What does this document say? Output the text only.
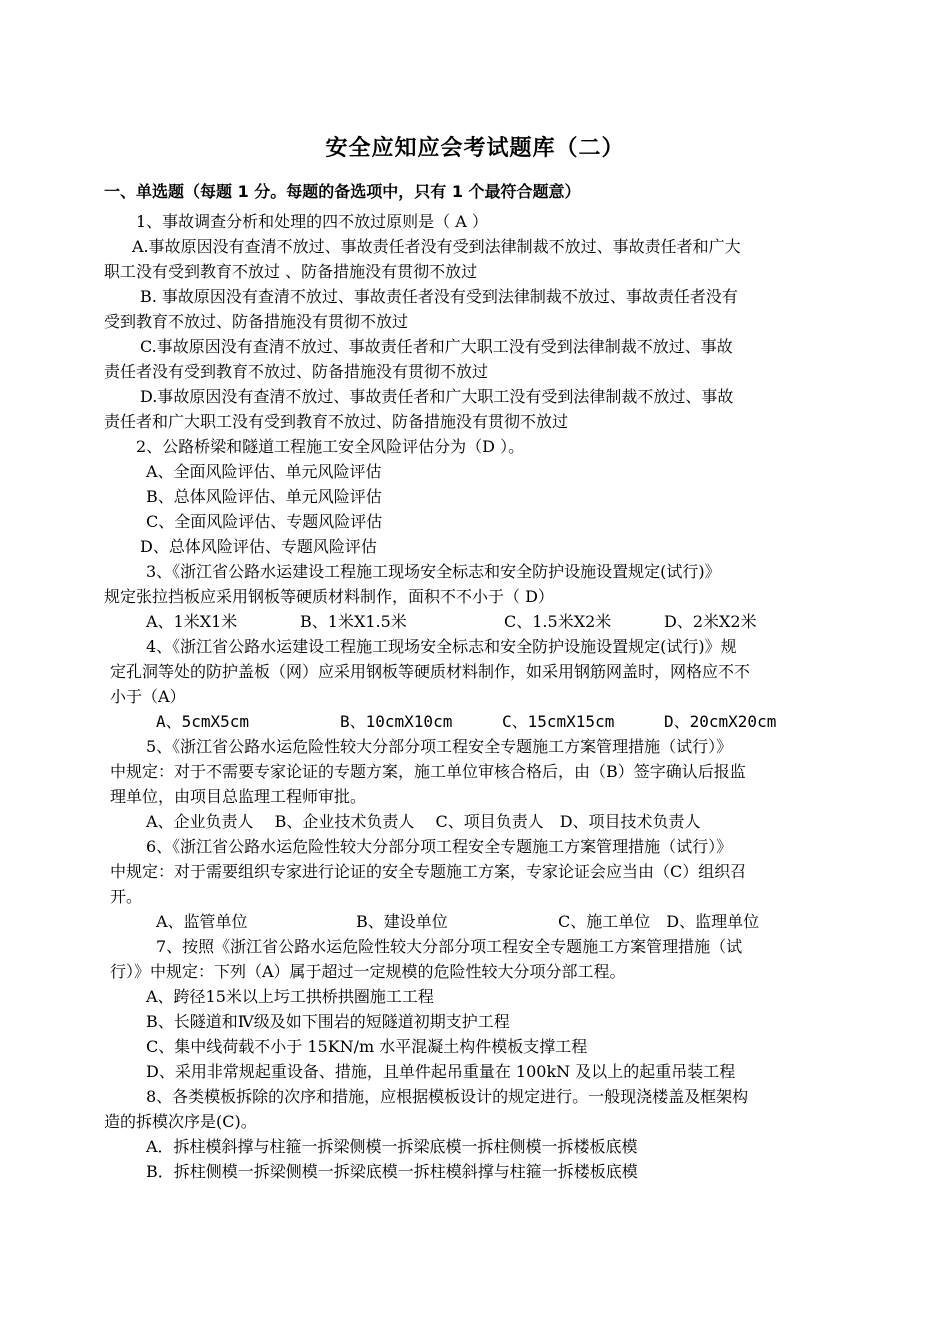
安全应知应会考试题库（二）
一、单选题（每题 1 分。每题的备选项中，只有 1 个最符合题意）
1、事故调查分析和处理的四不放过原则是（ A ）
A.事故原因没有查清不放过、事故责任者没有受到法律制裁不放过、事故责任者和广大
职工没有受到教育不放过 、防备措施没有贯彻不放过
B. 事故原因没有查清不放过、事故责任者没有受到法律制裁不放过、事故责任者没有
受到教育不放过、防备措施没有贯彻不放过
C.事故原因没有查清不放过、事故责任者和广大职工没有受到法律制裁不放过、事故
责任者没有受到教育不放过、防备措施没有贯彻不放过
D.事故原因没有查清不放过、事故责任者和广大职工没有受到法律制裁不放过、事故
责任者和广大职工没有受到教育不放过、防备措施没有贯彻不放过
2、公路桥梁和隧道工程施工安全风险评估分为（D ）。
A、全面风险评估、单元风险评估
B、总体风险评估、单元风险评估
C、全面风险评估、专题风险评估
D、总体风险评估、专题风险评估
3、《浙江省公路水运建设工程施工现场安全标志和安全防护设施设置规定(试行)》
规定张拉挡板应采用钢板等硬质材料制作，面积不不小于（ D）
A、1米X1米	B、1米X1.5米	C、1.5米X2米	D、2米X2米
4、《浙江省公路水运建设工程施工现场安全标志和安全防护设施设置规定(试行)》规
定孔洞等处的防护盖板（网）应采用钢板等硬质材料制作，如采用钢筋网盖时，网格应不不
小于（A）
A、5cmX5cm	B、10cmX10cm	C、15cmX15cm	D、20cmX20cm
5、《浙江省公路水运危险性较大分部分项工程安全专题施工方案管理措施（试行）》
中规定：对于不需要专家论证的专题方案，施工单位审核合格后，由（B）签字确认后报监
理单位，由项目总监理工程师审批。
A、企业负责人　 B、企业技术负责人　 C、项目负责人　D、项目技术负责人
6、《浙江省公路水运危险性较大分部分项工程安全专题施工方案管理措施（试行）》
中规定：对于需要组织专家进行论证的安全专题施工方案，专家论证会应当由（C）组织召
开。
A、监管单位	B、建设单位	C、施工单位　D、监理单位
7、按照《浙江省公路水运危险性较大分部分项工程安全专题施工方案管理措施（试
行）》中规定：下列（A）属于超过一定规模的危险性较大分项分部工程。
A、跨径15米以上圬工拱桥拱圈施工工程
B、长隧道和Ⅳ级及如下围岩的短隧道初期支护工程
C、集中线荷载不小于 15KN/m 水平混凝土构件模板支撑工程
D、采用非常规起重设备、措施，且单件起吊重量在 100kN 及以上的起重吊装工程
8、各类模板拆除的次序和措施，应根据模板设计的规定进行。一般现浇楼盖及框架构
造的拆模次序是(C)。
A．拆柱模斜撑与柱箍一拆梁侧模一拆梁底模一拆柱侧模一拆楼板底模
B．拆柱侧模一拆梁侧模一拆梁底模一拆柱模斜撑与柱箍一拆楼板底模
